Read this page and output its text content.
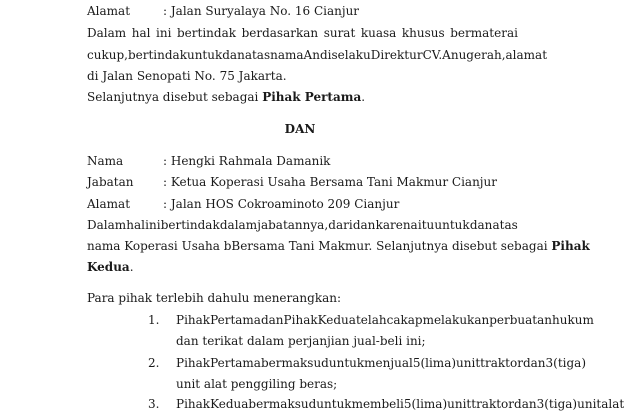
Alamat	: Jalan Suryalaya No. 16 Cianjur
Dalam hal ini bertindak berdasarkan surat kuasa khusus bermaterai
cukup, bertindak untuk dan atas nama Andi selaku Direktur CV. Anugerah, alamat
di Jalan Senopati No. 75 Jakarta.
Selanjutnya disebut sebagai Pihak Pertama.
DAN
Nama	: Hengki Rahmala Damanik
Jabatan : Ketua Koperasi Usaha Bersama Tani Makmur Cianjur
Alamat	: Jalan HOS Cokroaminoto 209 Cianjur
Dalam hal ini bertindak dalam jabatannya, dari dan karena itu untuk dan atas
nama Koperasi Usaha bBersama Tani Makmur. Selanjutnya disebut sebagai Pihak
Kedua.
Para pihak terlebih dahulu menerangkan:
1. Pihak Pertama dan Pihak Kedua telah cakap melakukan perbuatan hukum
dan terikat dalam perjanjian jual-beli ini;
2. Pihak Pertama bermaksud untuk menjual 5 (lima) unit traktor dan 3 (tiga)
unit alat penggiling beras;
3. Pihak Kedua bermaksud untuk membeli 5 (lima) unit traktor dan 3 (tiga) unit alat
